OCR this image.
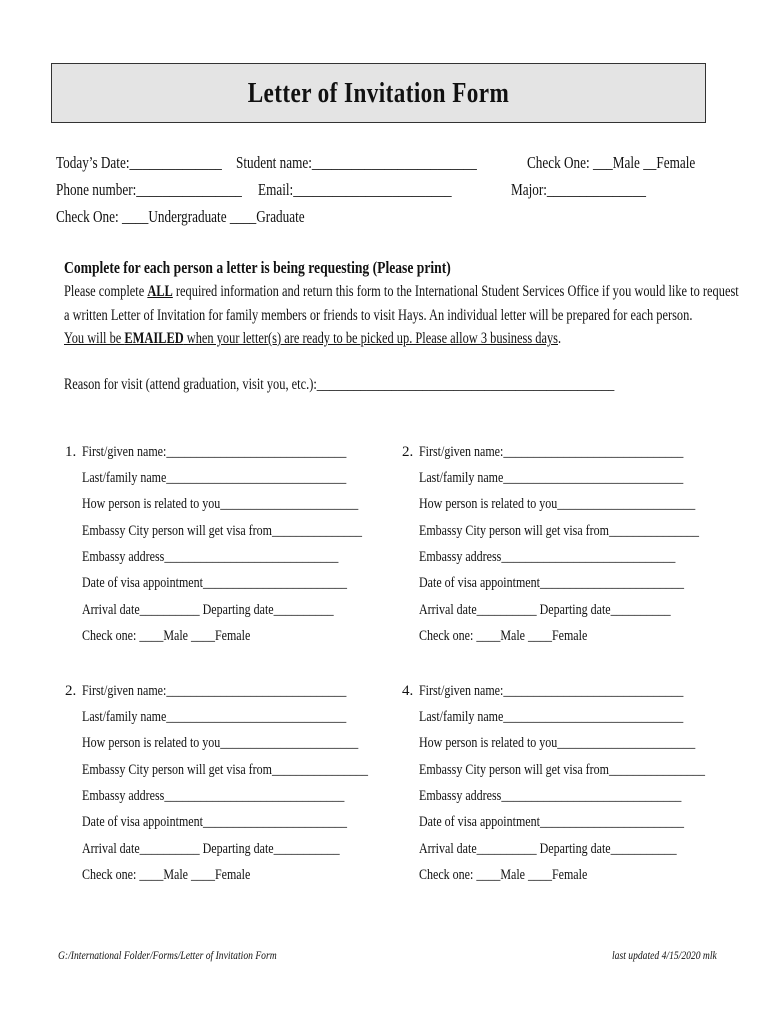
Letter of Invitation Form
Today’s Date:______________ Student name:_________________________	Check One: ___Male __Female
Phone number:________________ Email:________________________	Major:_______________
Check One: ____Undergraduate ____Graduate
Complete for each person a letter is being requesting (Please print)
Please complete ALL required information and return this form to the International Student Services Office if you would like to request
a written Letter of Invitation for family members or friends to visit Hays. An individual letter will be prepared for each person.
You will be EMAILED when your letter(s) are ready to be picked up. Please allow 3 business days.
Reason for visit (attend graduation, visit you, etc.):________________________________________________
1. First/given name:______________________________
Last/family name______________________________
How person is related to you_______________________
Embassy City person will get visa from_______________
Embassy address_____________________________
Date of visa appointment________________________
Arrival date__________ Departing date__________
Check one: ____Male ____Female
2. First/given name:______________________________
Last/family name______________________________
How person is related to you_______________________
Embassy City person will get visa from_______________
Embassy address_____________________________
Date of visa appointment________________________
Arrival date__________ Departing date__________
Check one: ____Male ____Female
2. First/given name:______________________________
Last/family name______________________________
How person is related to you_______________________
Embassy City person will get visa from________________
Embassy address______________________________
Date of visa appointment________________________
Arrival date__________ Departing date___________
Check one: ____Male ____Female
4. First/given name:______________________________
Last/family name______________________________
How person is related to you_______________________
Embassy City person will get visa from________________
Embassy address______________________________
Date of visa appointment________________________
Arrival date__________ Departing date___________
Check one: ____Male ____Female
G:/International Folder/Forms/Letter of Invitation Form	last updated 4/15/2020 mlk
